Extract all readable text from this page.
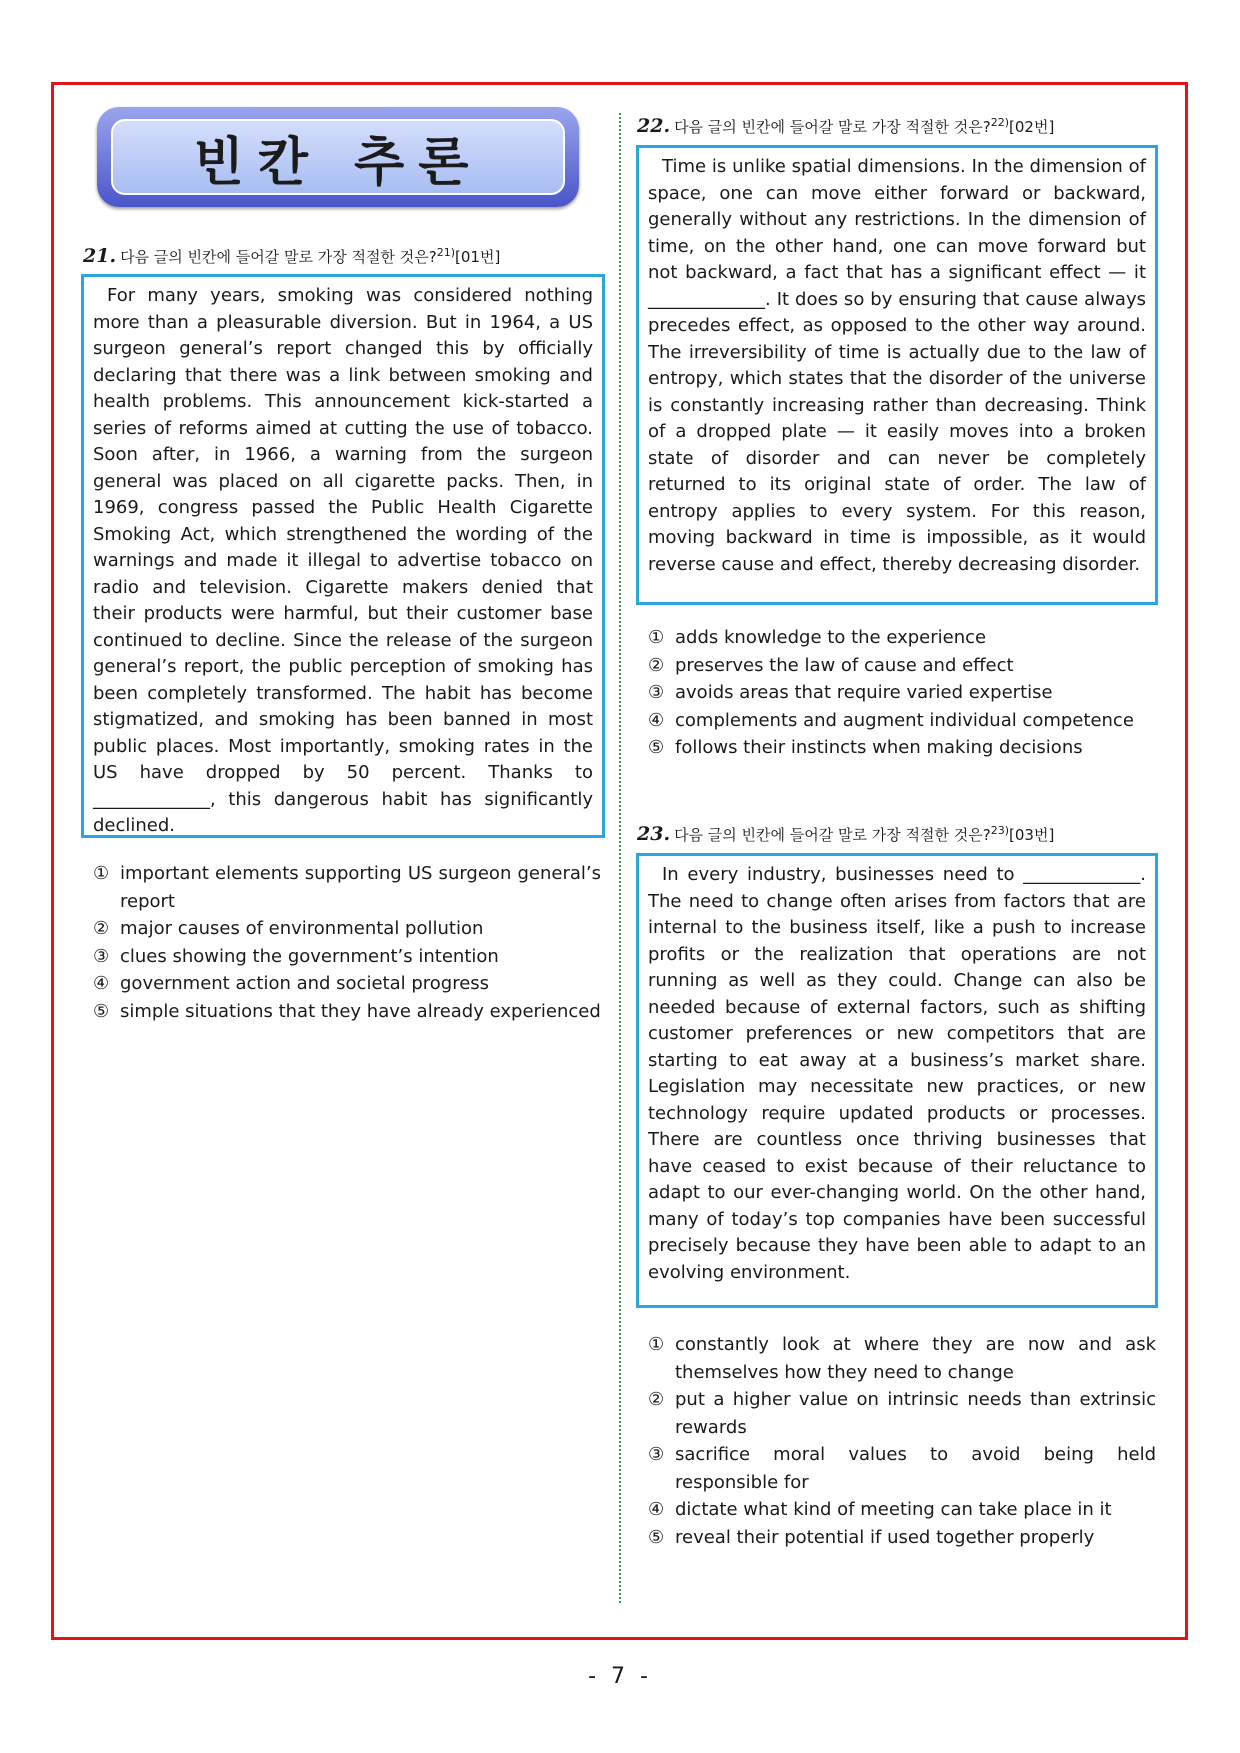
빈칸 추론
21. 다음 글의 빈칸에 들어갈 말로 가장 적절한 것은?$^{21)}$[01번]
For many years, smoking was considered nothing more than a pleasurable diversion. But in 1964, a US surgeon general’s report changed this by officially declaring that there was a link between smoking and health problems. This announcement kick-started a series of reforms aimed at cutting the use of tobacco. Soon after, in 1966, a warning from the surgeon general was placed on all cigarette packs. Then, in 1969, congress passed the Public Health Cigarette Smoking Act, which strengthened the wording of the warnings and made it illegal to advertise tobacco on radio and television. Cigarette makers denied that their products were harmful, but their customer base continued to decline. Since the release of the surgeon general’s report, the public perception of smoking has been completely transformed. The habit has become stigmatized, and smoking has been banned in most public places. Most importantly, smoking rates in the US have dropped by 50 percent. Thanks to _____________, this dangerous habit has significantly declined.
① important elements supporting US surgeon general’s report
② major causes of environmental pollution
③ clues showing the government’s intention
④ government action and societal progress
⑤ simple situations that they have already experienced
22. 다음 글의 빈칸에 들어갈 말로 가장 적절한 것은?$^{22)}$[02번]
Time is unlike spatial dimensions. In the dimension of space, one can move either forward or backward, generally without any restrictions. In the dimension of time, on the other hand, one can move forward but not backward, a fact that has a significant effect — it _____________. It does so by ensuring that cause always precedes effect, as opposed to the other way around. The irreversibility of time is actually due to the law of entropy, which states that the disorder of the universe is constantly increasing rather than decreasing. Think of a dropped plate — it easily moves into a broken state of disorder and can never be completely returned to its original state of order. The law of entropy applies to every system. For this reason, moving backward in time is impossible, as it would reverse cause and effect, thereby decreasing disorder.
① adds knowledge to the experience
② preserves the law of cause and effect
③ avoids areas that require varied expertise
④ complements and augment individual competence
⑤ follows their instincts when making decisions
23. 다음 글의 빈칸에 들어갈 말로 가장 적절한 것은?$^{23)}$[03번]
In every industry, businesses need to _____________. The need to change often arises from factors that are internal to the business itself, like a push to increase profits or the realization that operations are not running as well as they could. Change can also be needed because of external factors, such as shifting customer preferences or new competitors that are starting to eat away at a business’s market share. Legislation may necessitate new practices, or new technology require updated products or processes. There are countless once thriving businesses that have ceased to exist because of their reluctance to adapt to our ever-changing world. On the other hand, many of today’s top companies have been successful precisely because they have been able to adapt to an evolving environment.
① constantly look at where they are now and ask themselves how they need to change
② put a higher value on intrinsic needs than extrinsic rewards
③ sacrifice moral values to avoid being held responsible for
④ dictate what kind of meeting can take place in it
⑤ reveal their potential if used together properly
- 7 -
